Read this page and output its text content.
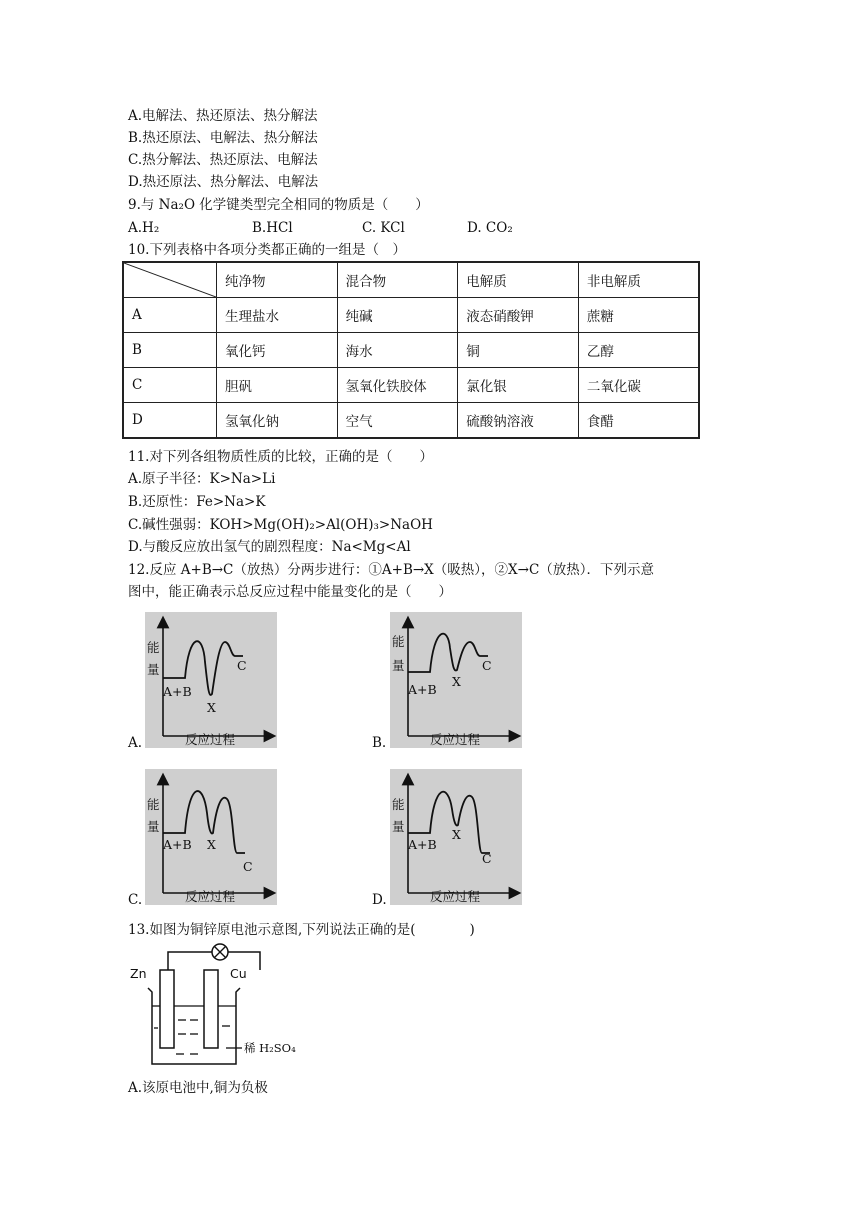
A.电解法、热还原法、热分解法
B.热还原法、电解法、热分解法
C.热分解法、热还原法、电解法
D.热还原法、热分解法、电解法
9.与 Na₂O 化学键类型完全相同的物质是（　　）
A.H₂	B.HCl	C. KCl	D. CO₂
10.下列表格中各项分类都正确的一组是（　）
	纯净物	混合物	电解质	非电解质
A	生理盐水	纯碱	液态硝酸钾	蔗糖
B	氧化钙	海水	铜	乙醇
C	胆矾	氢氧化铁胶体	氯化银	二氧化碳
D	氢氧化钠	空气	硫酸钠溶液	食醋
11.对下列各组物质性质的比较，正确的是（　　）
A.原子半径：K>Na>Li
B.还原性：Fe>Na>K
C.碱性强弱：KOH>Mg(OH)₂>Al(OH)₃>NaOH
D.与酸反应放出氢气的剧烈程度：Na<Mg<Al
12.反应 A+B→C（放热）分两步进行：①A+B→X（吸热），②X→C（放热）．下列示意
图中，能正确表示总反应过程中能量变化的是（　　）
A.
能
量
A+B
X
C
反应过程	B.
能
量
A+B
X
C
反应过程
C.
能
量
A+B X
C
反应过程	D.
能
量
A+B
X
C
反应过程
13.如图为铜锌原电池示意图,下列说法正确的是(　　　　)
Zn	Cu
稀 H₂SO₄
A.该原电池中,铜为负极
